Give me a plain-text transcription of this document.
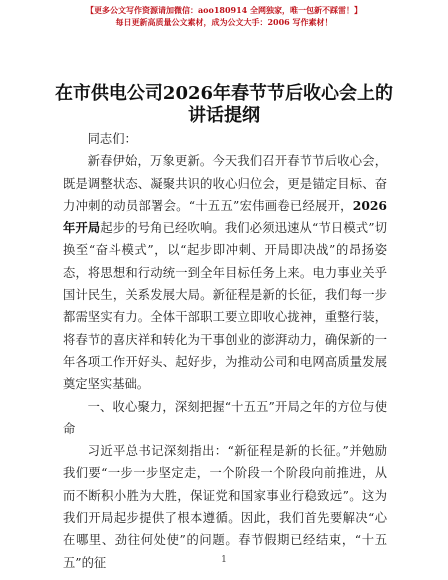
【更多公文写作资源请加微信：aoo180914 全网独家，唯一包新不踩雷！】
每日更新高质量公文素材，成为公文大手：2006 写作素材！
在市供电公司2026年春节节后收心会上的讲话提纲

  同志们：

新春伊始，万象更新。今天我们召开春节节后收心会，既是调整状态、凝聚共识的收心归位会，更是锚定目标、奋力冲刺的动员部署会。“十五五”宏伟画卷已经展开，2026年开局起步的号角已经吹响。我们必须迅速从“节日模式”切换至“奋斗模式”，以“起步即冲刺、开局即决战”的昂扬姿态，将思想和行动统一到全年目标任务上来。电力事业关乎国计民生，关系发展大局。新征程是新的长征，我们每一步都需坚实有力。全体干部职工要立即收心拢神，重整行装，将春节的喜庆祥和转化为干事创业的澎湃动力，确保新的一年各项工作开好头、起好步，为推动公司和电网高质量发展奠定坚实基础。

一、收心聚力，深刻把握“十五五”开局之年的方位与使命

习近平总书记深刻指出：“新征程是新的长征。”并勉励我们要“一步一步坚定走，一个阶段一个阶段向前推进，从而不断积小胜为大胜，保证党和国家事业行稳致远”。这为我们开局起步提供了根本遵循。因此，我们首先要解决“心在哪里、劲往何处使”的问题。春节假期已经结束，“十五五”的征	1
